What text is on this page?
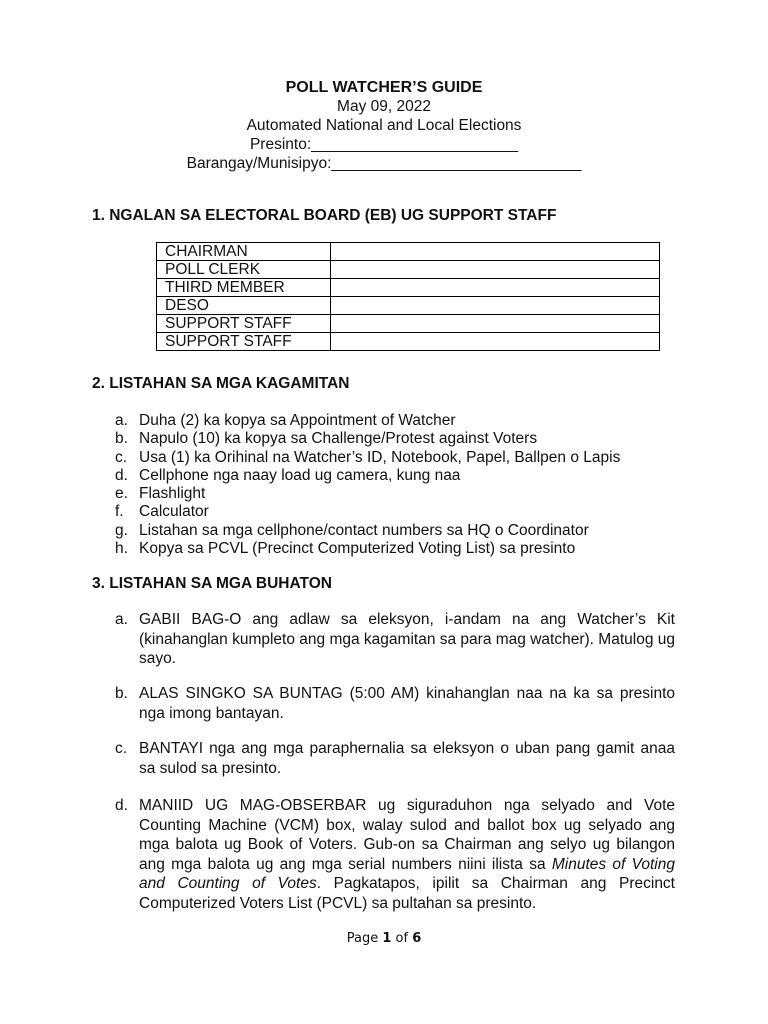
POLL WATCHER’S GUIDE
May 09, 2022
Automated National and Local Elections
Presinto:________________________
Barangay/Munisipyo:_____________________________
1. NGALAN SA ELECTORAL BOARD (EB) UG SUPPORT STAFF
CHAIRMAN	
POLL CLERK	
THIRD MEMBER	
DESO	
SUPPORT STAFF	
SUPPORT STAFF	
2. LISTAHAN SA MGA KAGAMITAN
a. Duha (2) ka kopya sa Appointment of Watcher
b. Napulo (10) ka kopya sa Challenge/Protest against Voters
c. Usa (1) ka Orihinal na Watcher’s ID, Notebook, Papel, Ballpen o Lapis
d. Cellphone nga naay load ug camera, kung naa
e. Flashlight
f. Calculator
g. Listahan sa mga cellphone/contact numbers sa HQ o Coordinator
h. Kopya sa PCVL (Precinct Computerized Voting List) sa presinto
3. LISTAHAN SA MGA BUHATON
a. GABII BAG-O ang adlaw sa eleksyon, i-andam na ang Watcher’s Kit (kinahanglan kumpleto ang mga kagamitan sa para mag watcher). Matulog ug sayo.
b. ALAS SINGKO SA BUNTAG (5:00 AM) kinahanglan naa na ka sa presinto nga imong bantayan.
c. BANTAYI nga ang mga paraphernalia sa eleksyon o uban pang gamit anaa sa sulod sa presinto.
d. MANIID UG MAG-OBSERBAR ug siguraduhon nga selyado and Vote Counting Machine (VCM) box, walay sulod and ballot box ug selyado ang mga balota ug Book of Voters. Gub-on sa Chairman ang selyo ug bilangon ang mga balota ug ang mga serial numbers niini ilista sa Minutes of Voting and Counting of Votes. Pagkatapos, ipilit sa Chairman ang Precinct Computerized Voters List (PCVL) sa pultahan sa presinto.
Page 1 of 6
